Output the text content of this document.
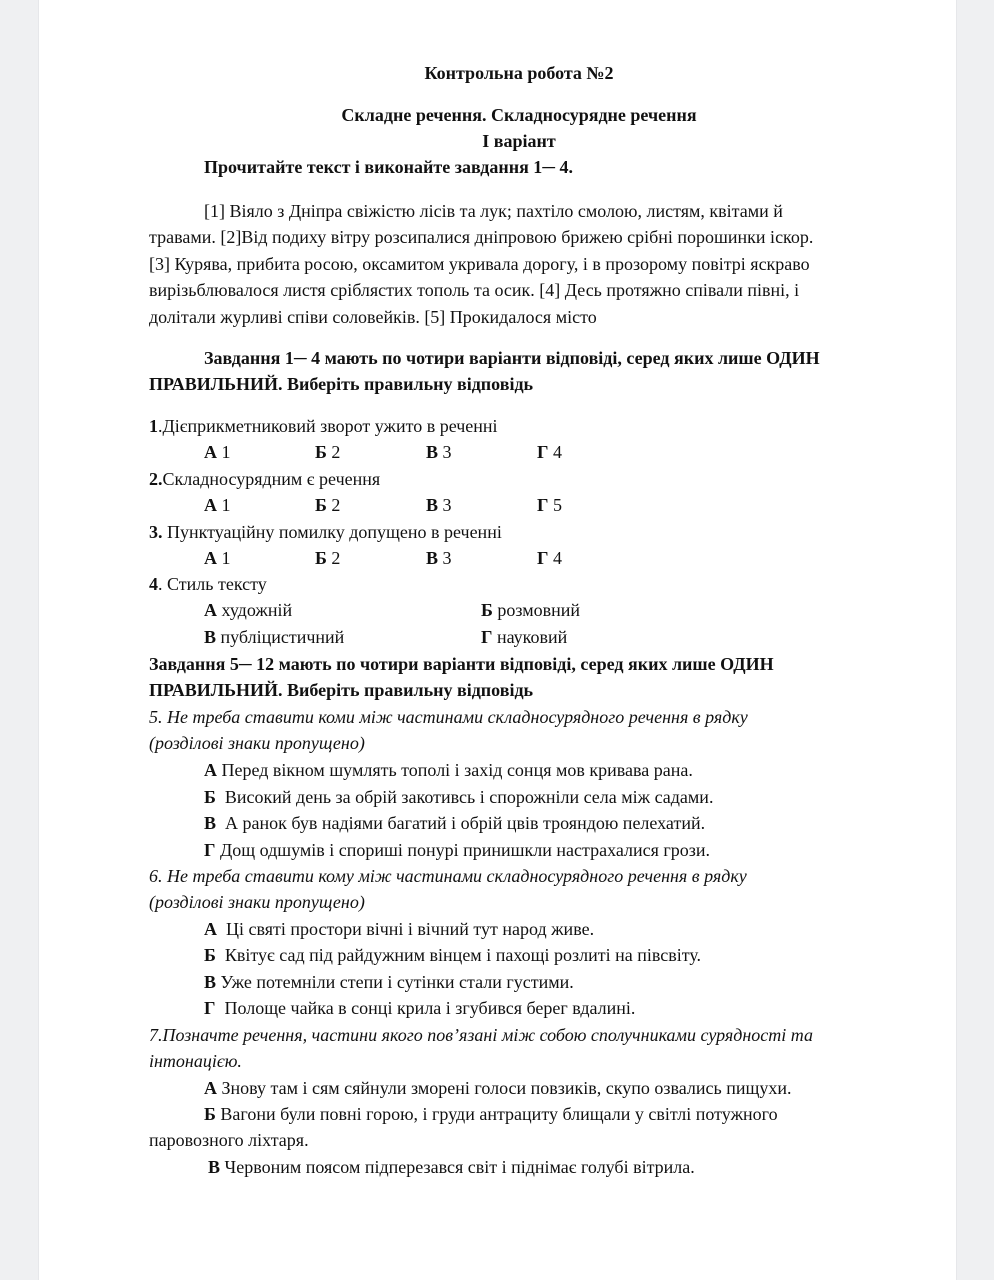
Контрольна робота №2
Складне речення. Складносурядне речення
І варіант
Прочитайте текст і виконайте завдання 1─ 4.
[1] Віяло з Дніпра свіжістю лісів та лук; пахтіло смолою, листям, квітами й
травами. [2]Від подиху вітру розсипалися дніпровою брижею срібні порошинки іскор.
[3] Курява, прибита росою, оксамитом укривала дорогу, і в прозорому повітрі яскраво
вирізьблювалося листя сріблястих тополь та осик. [4] Десь протяжно співали півні, і
долітали журливі співи соловейків. [5] Прокидалося місто
Завдання 1─ 4 мають по чотири варіанти відповіді, серед яких лише ОДИН
ПРАВИЛЬНИЙ. Виберіть правильну відповідь
1.Дієприкметниковий зворот ужито в реченні
А 1	Б 2	В 3	Г 4
2.Складносурядним є речення
А 1	Б 2	В 3	Г 5
3. Пунктуаційну помилку допущено в реченні
А 1	Б 2	В 3	Г 4
4. Стиль тексту
А художній	Б розмовний
В публіцистичний	Г науковий
Завдання 5─ 12 мають по чотири варіанти відповіді, серед яких лише ОДИН
ПРАВИЛЬНИЙ. Виберіть правильну відповідь
5. Не треба ставити коми між частинами складносурядного речення в рядку
(розділові знаки пропущено)
А Перед вікном шумлять тополі і захід сонця мов кривава рана.
Б  Високий день за обрій закотивсь і спорожніли села між садами.
В  А ранок був надіями багатий і обрій цвів трояндою пелехатий.
Г Дощ одшумів і спориші понурі принишкли настрахалися грози.
6. Не треба ставити кому між частинами складносурядного речення в рядку
(розділові знаки пропущено)
А  Ці святі простори вічні і вічний тут народ живе.
Б  Квітує сад під райдужним вінцем і пахощі розлиті на півсвіту.
В Уже потемніли степи і сутінки стали густими.
Г  Полоще чайка в сонці крила і згубився берег вдалині.
7.Позначте речення, частини якого пов’язані між собою сполучниками сурядності та
інтонацією.
А Знову там і сям сяйнули зморені голоси повзиків, скупо озвались пищухи.
Б Вагони були повні горою, і груди антрациту блищали у світлі потужного
паровозного ліхтаря.
В Червоним поясом підперезався світ і піднімає голубі вітрила.
